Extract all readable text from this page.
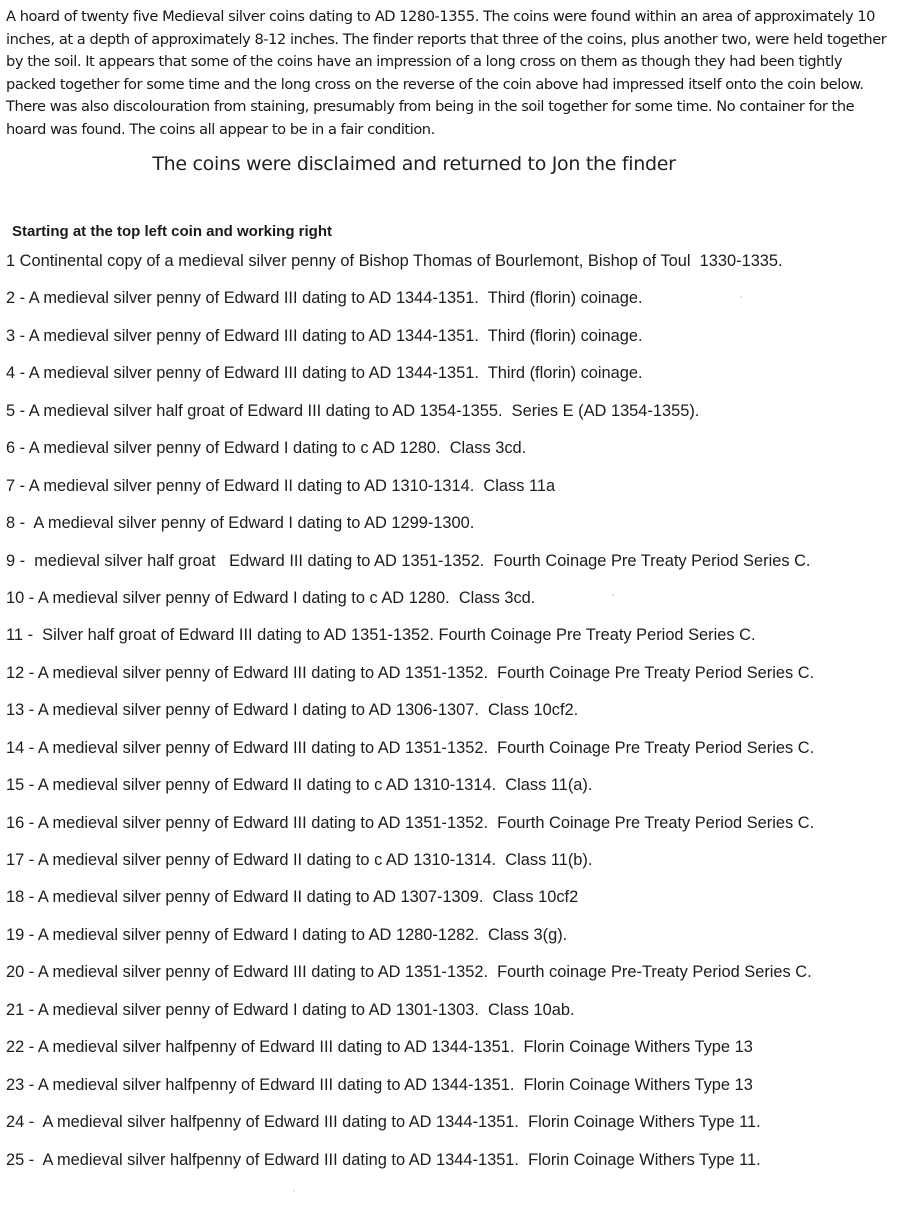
A hoard of twenty five Medieval silver coins dating to AD 1280-1355. The coins were found within an area of approximately 10 inches, at a depth of approximately 8-12 inches. The finder reports that three of the coins, plus another two, were held together by the soil. It appears that some of the coins have an impression of a long cross on them as though they had been tightly packed together for some time and the long cross on the reverse of the coin above had impressed itself onto the coin below. There was also discolouration from staining, presumably from being in the soil together for some time. No container for the hoard was found. The coins all appear to be in a fair condition.

The coins were disclaimed and returned to Jon the finder
Starting at the top left coin and working right
1 Continental copy of a medieval silver penny of Bishop Thomas of Bourlemont, Bishop of Toul  1330-1335.
2 - A medieval silver penny of Edward III dating to AD 1344-1351.  Third (florin) coinage.
3 - A medieval silver penny of Edward III dating to AD 1344-1351.  Third (florin) coinage.
4 - A medieval silver penny of Edward III dating to AD 1344-1351.  Third (florin) coinage.
5 - A medieval silver half groat of Edward III dating to AD 1354-1355.  Series E (AD 1354-1355).
6 - A medieval silver penny of Edward I dating to c AD 1280.  Class 3cd.
7 - A medieval silver penny of Edward II dating to AD 1310-1314.  Class 11a
8 -  A medieval silver penny of Edward I dating to AD 1299-1300.
9 -  medieval silver half groat   Edward III dating to AD 1351-1352.  Fourth Coinage Pre Treaty Period Series C.
10 - A medieval silver penny of Edward I dating to c AD 1280.  Class 3cd.
11 -  Silver half groat of Edward III dating to AD 1351-1352. Fourth Coinage Pre Treaty Period Series C.
12 - A medieval silver penny of Edward III dating to AD 1351-1352.  Fourth Coinage Pre Treaty Period Series C.
13 - A medieval silver penny of Edward I dating to AD 1306-1307.  Class 10cf2.
14 - A medieval silver penny of Edward III dating to AD 1351-1352.  Fourth Coinage Pre Treaty Period Series C.
15 - A medieval silver penny of Edward II dating to c AD 1310-1314.  Class 11(a).
16 - A medieval silver penny of Edward III dating to AD 1351-1352.  Fourth Coinage Pre Treaty Period Series C.
17 - A medieval silver penny of Edward II dating to c AD 1310-1314.  Class 11(b).
18 - A medieval silver penny of Edward II dating to AD 1307-1309.  Class 10cf2
19 - A medieval silver penny of Edward I dating to AD 1280-1282.  Class 3(g).
20 - A medieval silver penny of Edward III dating to AD 1351-1352.  Fourth coinage Pre-Treaty Period Series C.
21 - A medieval silver penny of Edward I dating to AD 1301-1303.  Class 10ab.
22 - A medieval silver halfpenny of Edward III dating to AD 1344-1351.  Florin Coinage Withers Type 13
23 - A medieval silver halfpenny of Edward III dating to AD 1344-1351.  Florin Coinage Withers Type 13
24 -  A medieval silver halfpenny of Edward III dating to AD 1344-1351.  Florin Coinage Withers Type 11.
25 -  A medieval silver halfpenny of Edward III dating to AD 1344-1351.  Florin Coinage Withers Type 11.
